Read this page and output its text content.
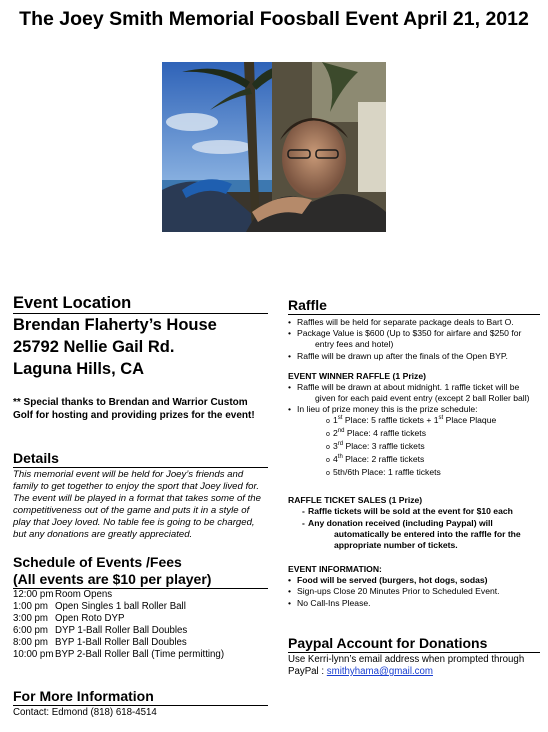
The Joey Smith Memorial Foosball Event April 21, 2012
Event Location
Brendan Flaherty’s House
25792 Nellie Gail Rd.
Laguna Hills, CA
** Special thanks to Brendan and Warrior Custom Golf for hosting and providing prizes for the event!
Details
This memorial event will be held for Joey’s friends and family to get together to enjoy the sport that Joey lived for. The event will be played in a format that takes some of the competitiveness out of the game and puts it in a style of play that Joey loved. No table fee is going to be charged, but any donations are greatly appreciated.
Schedule of Events /Fees
(All events are $10 per player)
12:00 pm Room Opens
1:00 pm Open Singles 1 ball Roller Ball
3:00 pm Open Roto DYP
6:00 pm DYP 1-Ball Roller Ball Doubles
8:00 pm BYP 1-Ball Roller Ball Doubles
10:00 pm BYP 2-Ball Roller Ball (Time permitting)
For More Information
Contact: Edmond (818) 618-4514
Raffle
• Raffles will be held for separate package deals to Bart O.
• Package Value is $600 (Up to $350 for airfare and $250 for
entry fees and hotel)
• Raffle will be drawn up after the finals of the Open BYP.
EVENT WINNER RAFFLE (1 Prize)
• Raffle will be drawn at about midnight. 1 raffle ticket will be
given for each paid event entry (except 2 ball Roller ball)
• In lieu of prize money this is the prize schedule:
o 1st Place: 5 raffle tickets + 1st Place Plaque
o 2nd Place: 4 raffle tickets
o 3rd Place: 3 raffle tickets
o 4th Place: 2 raffle tickets
o 5th/6th Place: 1 raffle tickets
RAFFLE TICKET SALES (1 Prize)
- Raffle tickets will be sold at the event for $10 each
- Any donation received (including Paypal) will
automatically be entered into the raffle for the
appropriate number of tickets.
EVENT INFORMATION:
• Food will be served (burgers, hot dogs, sodas)
• Sign-ups Close 20 Minutes Prior to Scheduled Event.
• No Call-Ins Please.
Paypal Account for Donations
Use Kerri-lynn’s email address when prompted through
PayPal : smithyhama@gmail.com
